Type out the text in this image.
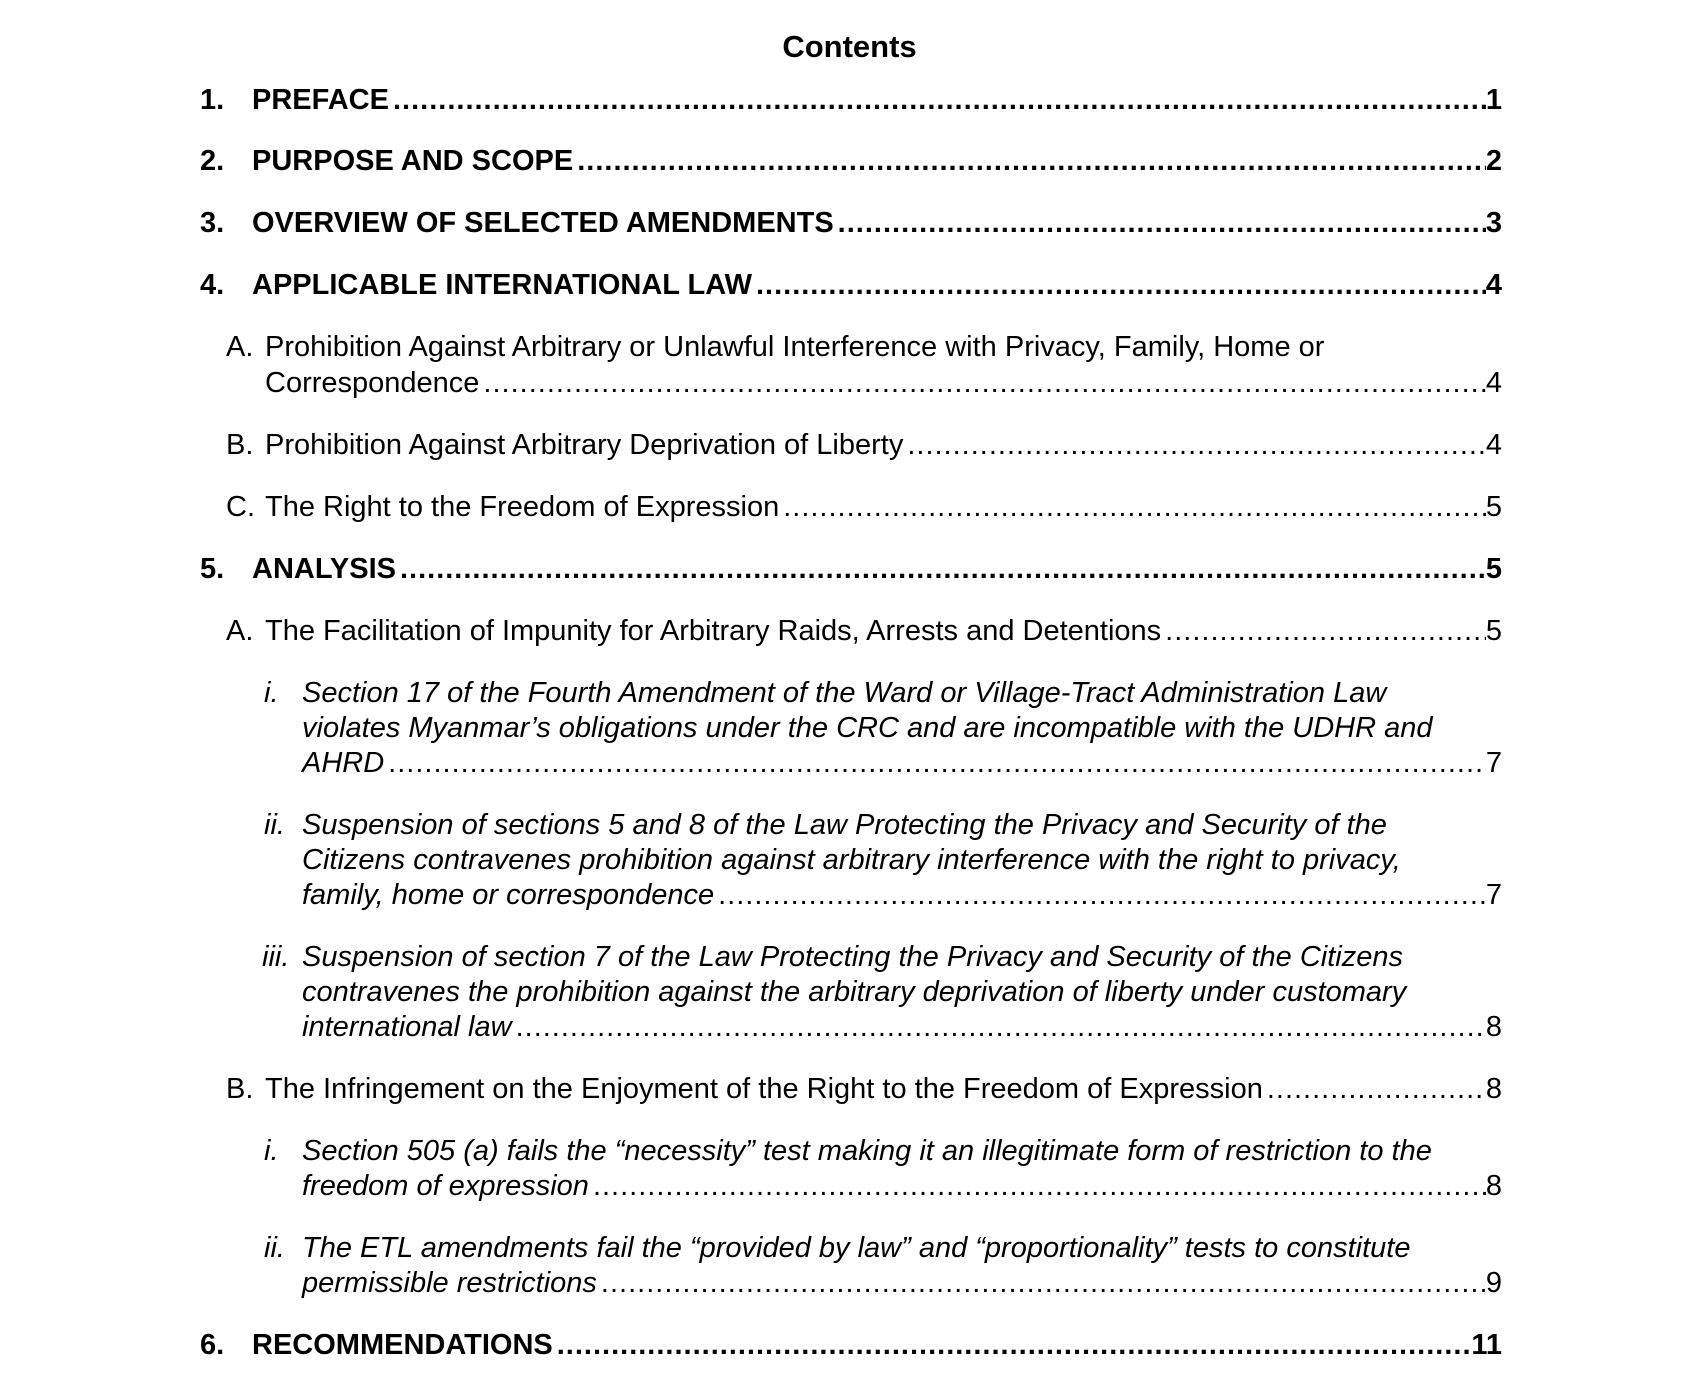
Contents
1. PREFACE .....	1
2. PURPOSE AND SCOPE .....	2
3. OVERVIEW OF SELECTED AMENDMENTS .....	3
4. APPLICABLE INTERNATIONAL LAW .....	4
A. Prohibition Against Arbitrary or Unlawful Interference with Privacy, Family, Home or
Correspondence .....	4
B. Prohibition Against Arbitrary Deprivation of Liberty .....	4
C. The Right to the Freedom of Expression .....	5
5. ANALYSIS .....	5
A. The Facilitation of Impunity for Arbitrary Raids, Arrests and Detentions .....	5
i. Section 17 of the Fourth Amendment of the Ward or Village-Tract Administration Law
violates Myanmar’s obligations under the CRC and are incompatible with the UDHR and
AHRD .....	7
ii. Suspension of sections 5 and 8 of the Law Protecting the Privacy and Security of the
Citizens contravenes prohibition against arbitrary interference with the right to privacy,
family, home or correspondence .....	7
iii. Suspension of section 7 of the Law Protecting the Privacy and Security of the Citizens
contravenes the prohibition against the arbitrary deprivation of liberty under customary
international law .....	8
B. The Infringement on the Enjoyment of the Right to the Freedom of Expression .....	8
i. Section 505 (a) fails the “necessity” test making it an illegitimate form of restriction to the
freedom of expression .....	8
ii. The ETL amendments fail the “provided by law” and “proportionality” tests to constitute
permissible restrictions .....	9
6. RECOMMENDATIONS .....	11
